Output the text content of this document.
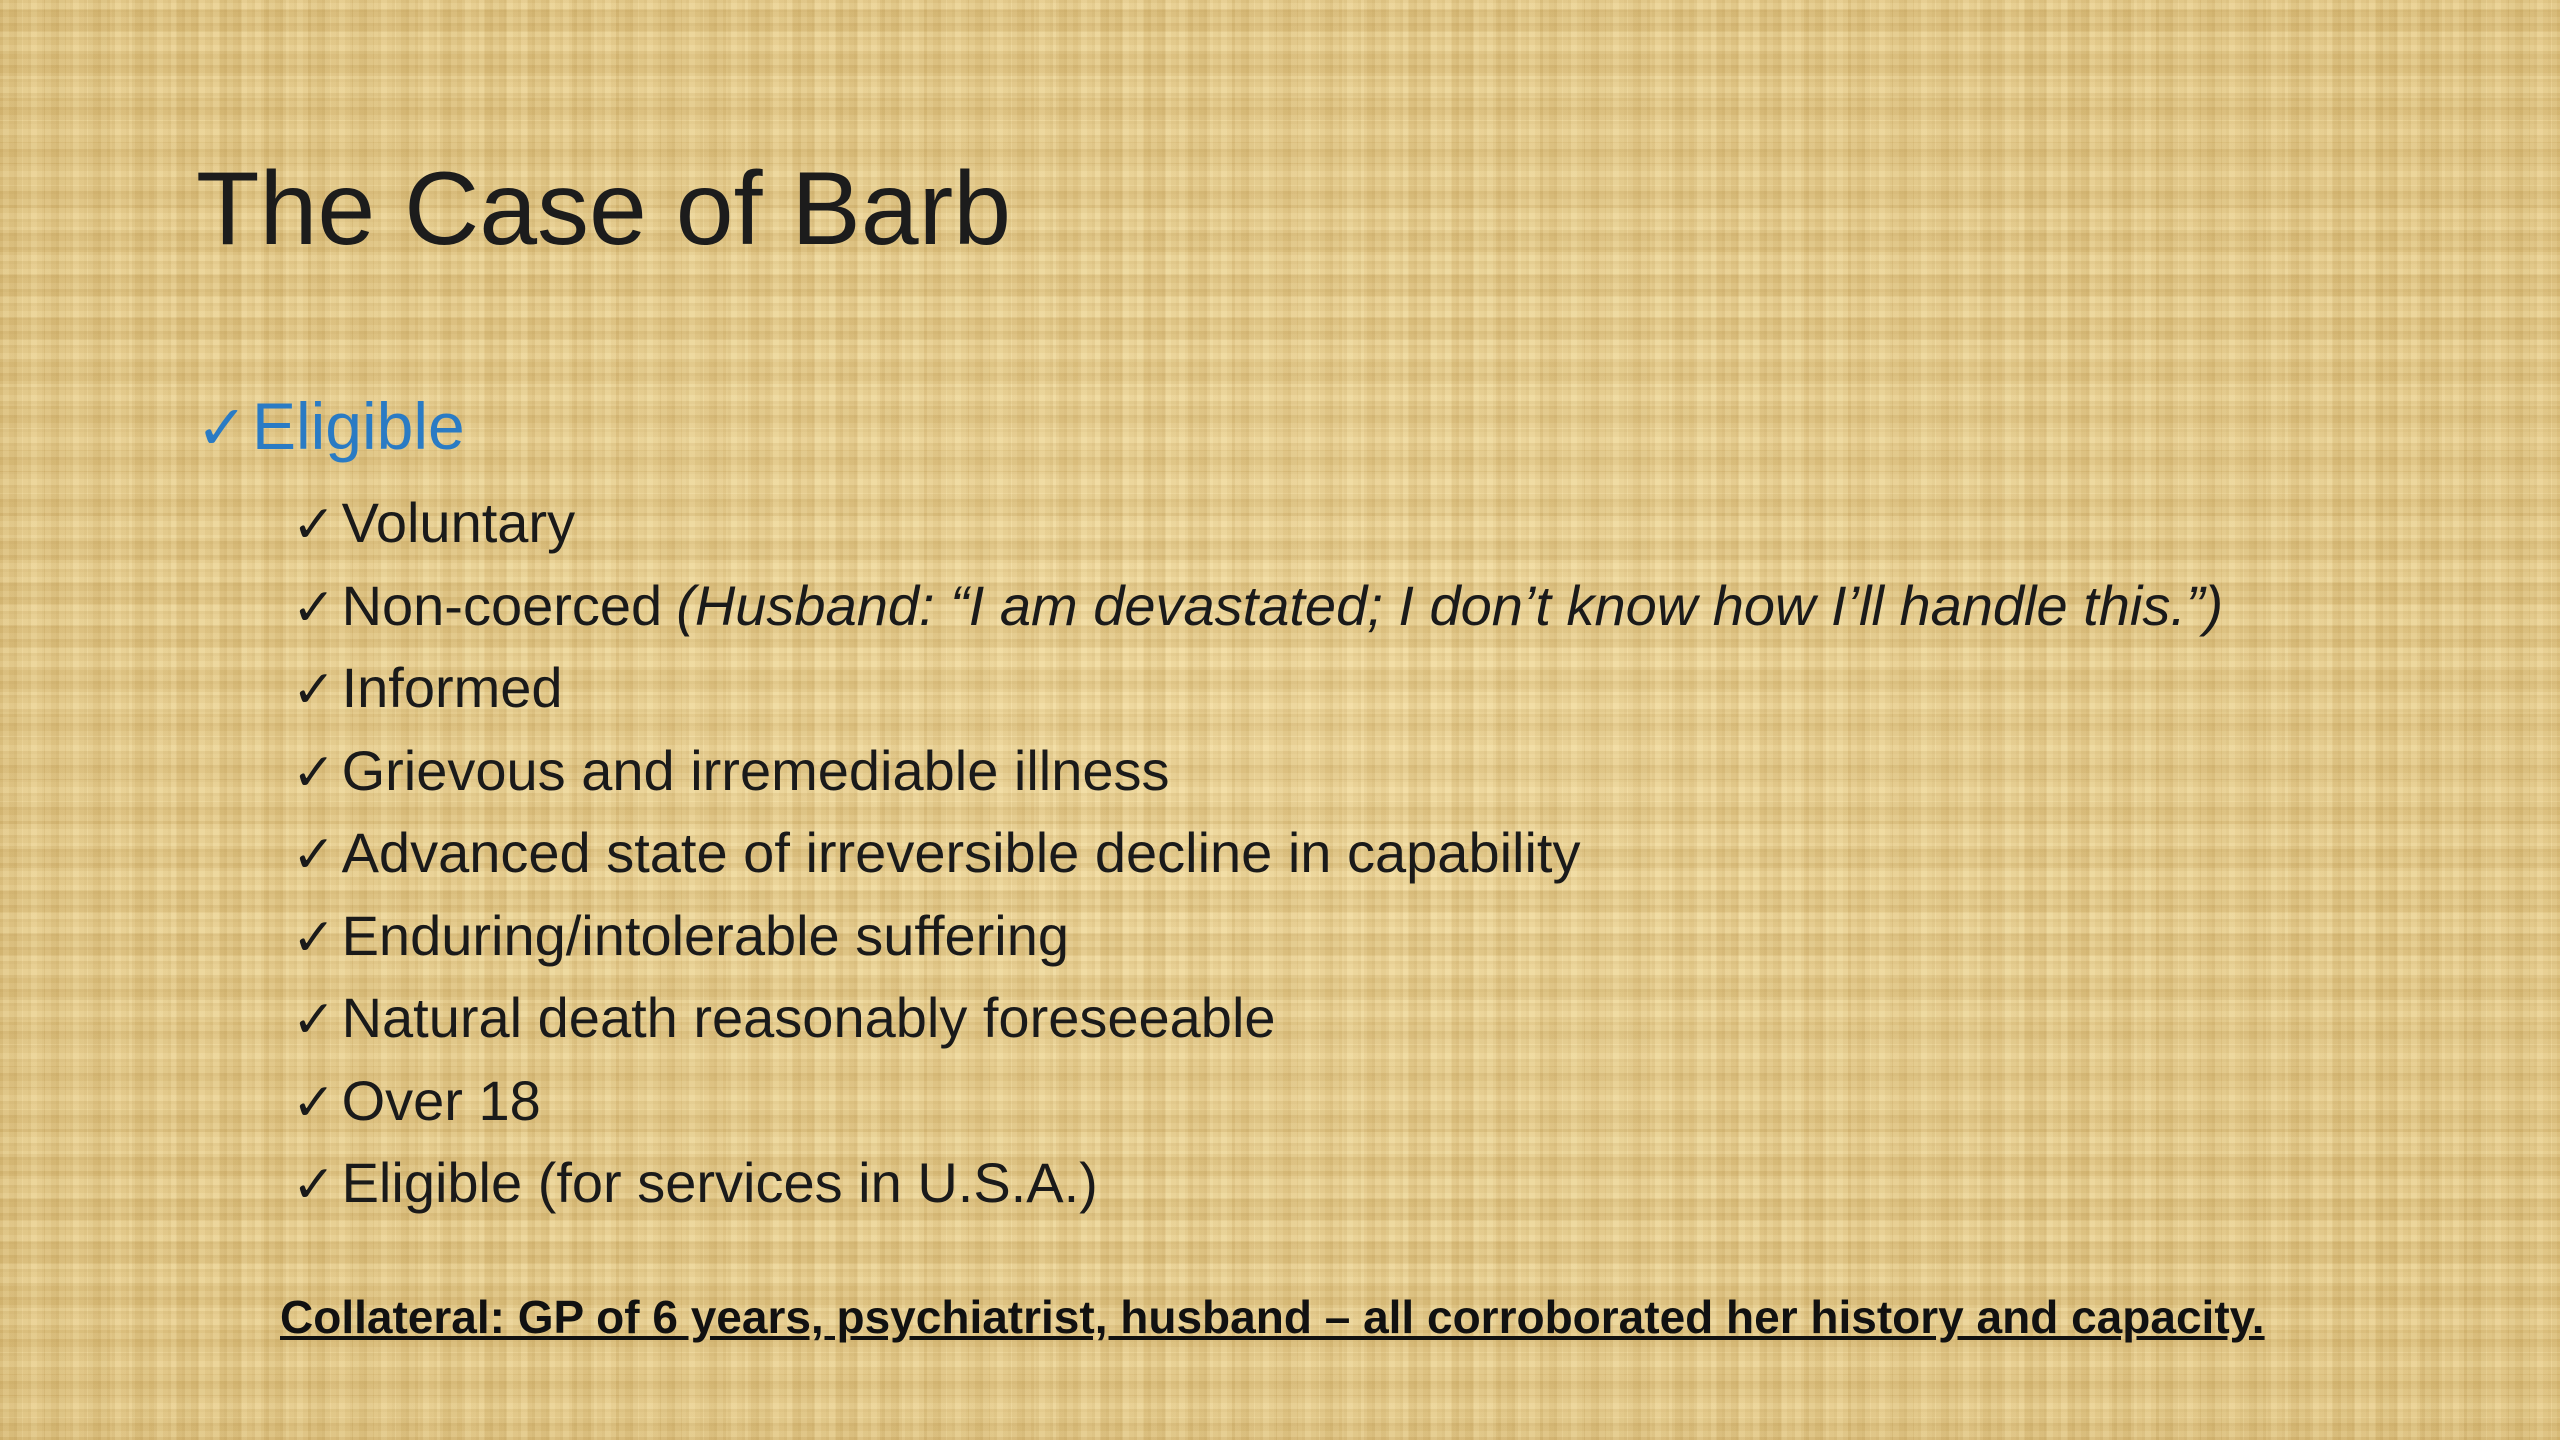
The Case of Barb
✓ Eligible
✓ Voluntary
✓ Non-coerced (Husband: “I am devastated; I don’t know how I’ll handle this.”)
✓ Informed
✓ Grievous and irremediable illness
✓ Advanced state of irreversible decline in capability
✓ Enduring/intolerable suffering
✓ Natural death reasonably foreseeable
✓ Over 18
✓ Eligible (for services in U.S.A.)
Collateral: GP of 6 years, psychiatrist, husband – all corroborated her history and capacity.
